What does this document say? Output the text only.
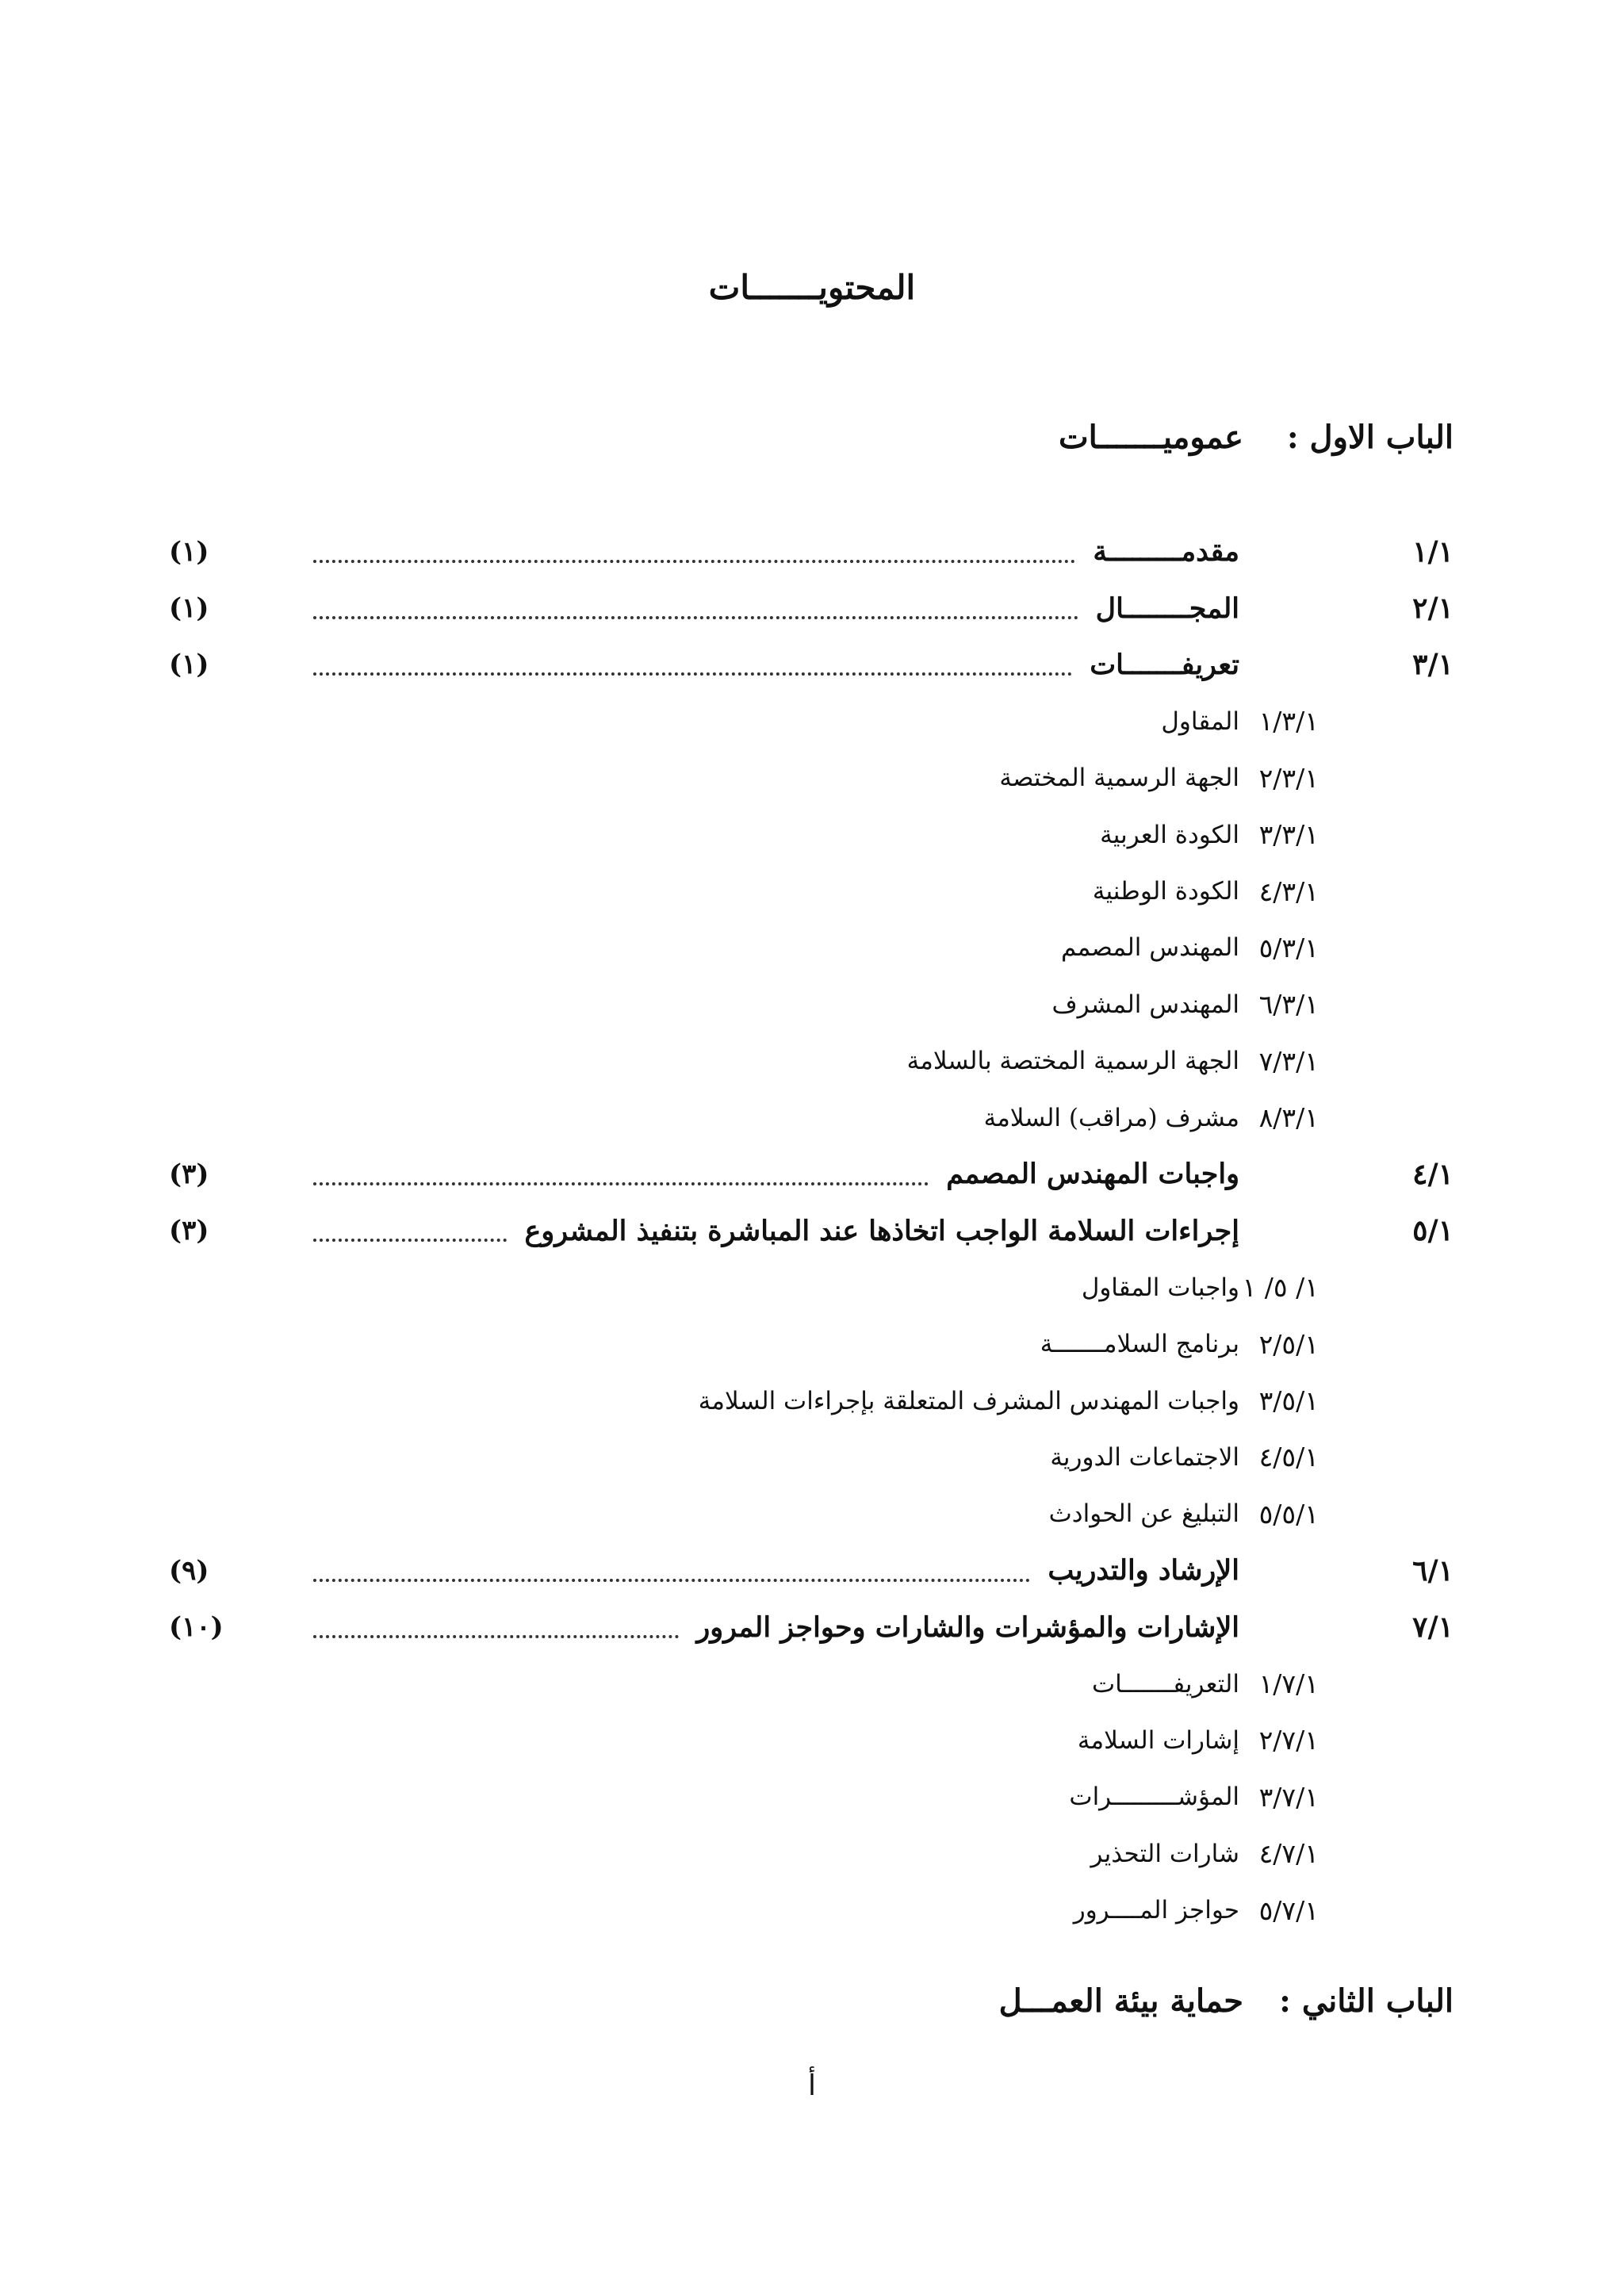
المحتويـــــــات
الباب الاول :عموميـــــــات
١/١
مقدمـــــــــة
(١)
٢/١
المجــــــــال
(١)
٣/١
تعريفـــــــات
(١)
١/٣/١
المقاول
٢/٣/١
الجهة الرسمية المختصة
٣/٣/١
الكودة العربية
٤/٣/١
الكودة الوطنية
٥/٣/١
المهندس المصمم
٦/٣/١
المهندس المشرف
٧/٣/١
الجهة الرسمية المختصة بالسلامة
٨/٣/١
مشرف (مراقب) السلامة
٤/١
واجبات المهندس المصمم
(٣)
٥/١
إجراءات السلامة الواجب اتخاذها عند المباشرة بتنفيذ المشروع
(٣)
١/ ٥/ ١
واجبات المقاول
٢/٥/١
برنامج السلامـــــــة
٣/٥/١
واجبات المهندس المشرف المتعلقة بإجراءات السلامة
٤/٥/١
الاجتماعات الدورية
٥/٥/١
التبليغ عن الحوادث
٦/١
الإرشاد والتدريب
(٩)
٧/١
الإشارات والمؤشرات والشارات وحواجز المرور
(١٠)
١/٧/١
التعريفـــــــات
٢/٧/١
إشارات السلامة
٣/٧/١
المؤشـــــــــرات
٤/٧/١
شارات التحذير
٥/٧/١
حواجز المــــرور
الباب الثاني :حماية بيئة العمـــل
أ
